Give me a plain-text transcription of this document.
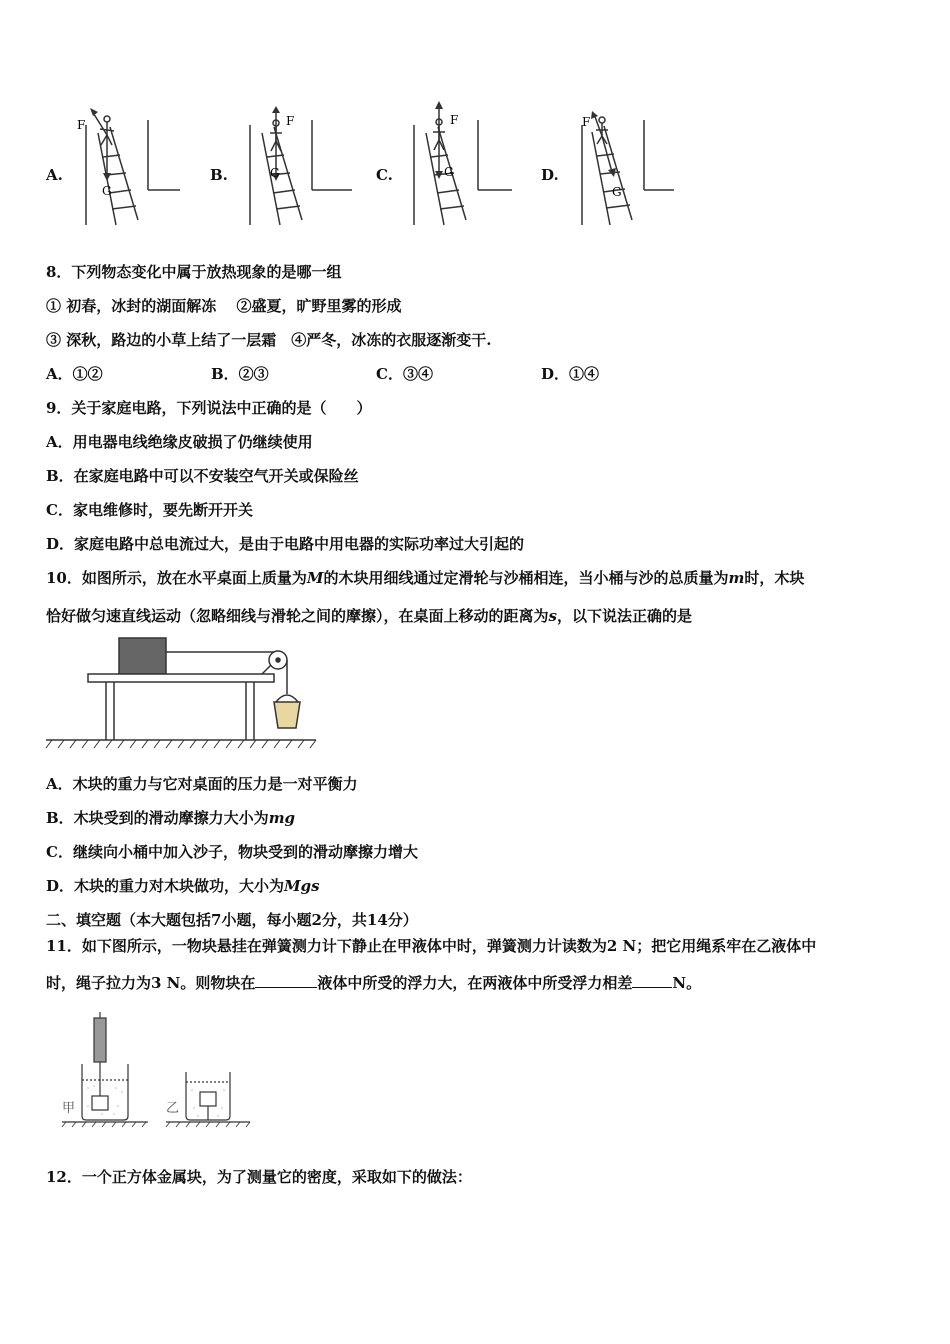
A.
F
G
B.
F
G	C.
F
G	D.
F
G
8．下列物态变化中属于放热现象的是哪一组
① 初春，冰封的湖面解冻　 ②盛夏，旷野里雾的形成
③ 深秋，路边的小草上结了一层霜　④严冬，冰冻的衣服逐渐变干.
A．①②	B．②③	C．③④	D．①④
9．关于家庭电路，下列说法中正确的是（　　）
A．用电器电线绝缘皮破损了仍继续使用
B．在家庭电路中可以不安装空气开关或保险丝
C．家电维修时，要先断开开关
D．家庭电路中总电流过大，是由于电路中用电器的实际功率过大引起的
10．如图所示，放在水平桌面上质量为M的木块用细线通过定滑轮与沙桶相连，当小桶与沙的总质量为m时，木块
恰好做匀速直线运动（忽略细线与滑轮之间的摩擦），在桌面上移动的距离为s，以下说法正确的是
A．木块的重力与它对桌面的压力是一对平衡力
B．木块受到的滑动摩擦力大小为mg
C．继续向小桶中加入沙子，物块受到的滑动摩擦力增大
D．木块的重力对木块做功，大小为Mgs
二、填空题（本大题包括7小题，每小题2分，共14分）
11．如下图所示，一物块悬挂在弹簧测力计下静止在甲液体中时，弹簧测力计读数为2 N；把它用绳系牢在乙液体中
时，绳子拉力为3 N。则物块在	液体中所受的浮力大，在两液体中所受浮力相差	N。
甲	乙
12．一个正方体金属块，为了测量它的密度，采取如下的做法：
